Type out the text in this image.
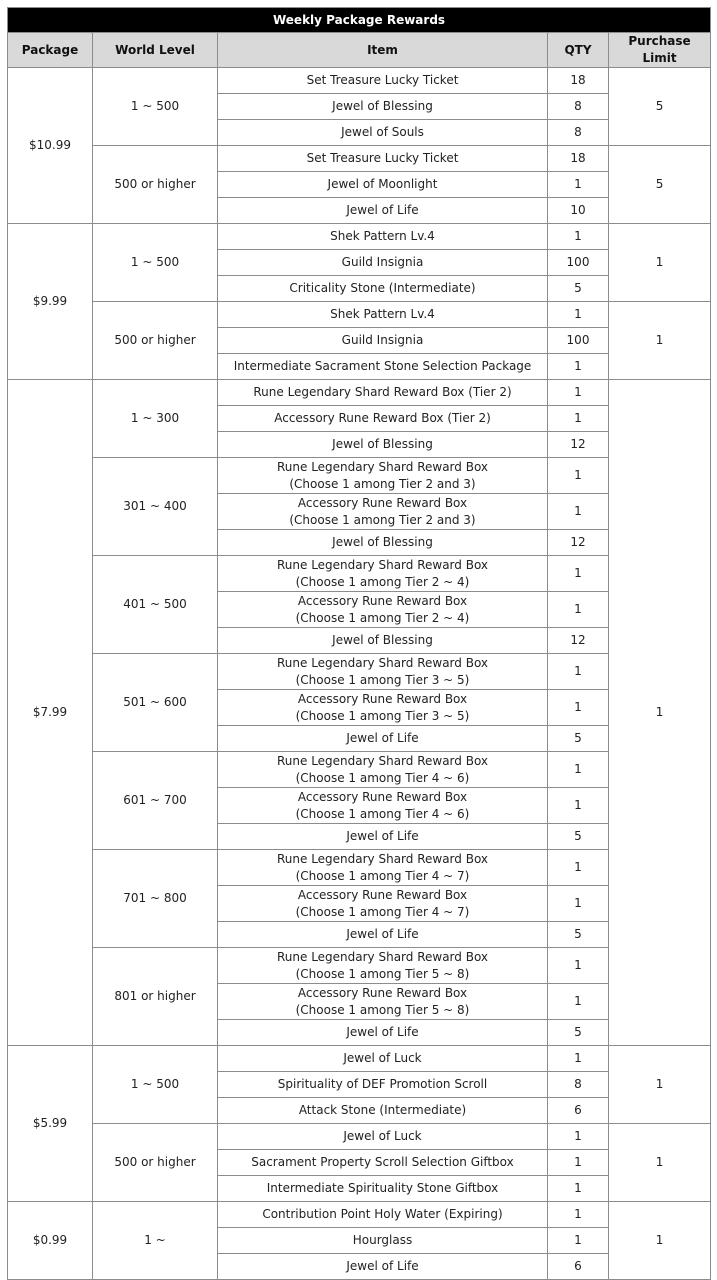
Weekly Package Rewards				
Package	World Level	Item	QTY	Purchase Limit
$10.99	1 ~ 500	Set Treasure Lucky Ticket	18	5
		Jewel of Blessing	8	
		Jewel of Souls	8	
	500 or higher	Set Treasure Lucky Ticket	18	5
		Jewel of Moonlight	1	
		Jewel of Life	10	
$9.99	1 ~ 500	Shek Pattern Lv.4	1	1
		Guild Insignia	100	
		Criticality Stone (Intermediate)	5	
	500 or higher	Shek Pattern Lv.4	1	1
		Guild Insignia	100	
		Intermediate Sacrament Stone Selection Package	1	
$7.99	1 ~ 300	Rune Legendary Shard Reward Box (Tier 2)	1	1
		Accessory Rune Reward Box (Tier 2)	1	
		Jewel of Blessing	12	
	301 ~ 400	Rune Legendary Shard Reward Box
(Choose 1 among Tier 2 and 3)	1	
		Accessory Rune Reward Box
(Choose 1 among Tier 2 and 3)	1	
		Jewel of Blessing	12	
	401 ~ 500	Rune Legendary Shard Reward Box
(Choose 1 among Tier 2 ~ 4)	1	
		Accessory Rune Reward Box
(Choose 1 among Tier 2 ~ 4)	1	
		Jewel of Blessing	12	
	501 ~ 600	Rune Legendary Shard Reward Box
(Choose 1 among Tier 3 ~ 5)	1	
		Accessory Rune Reward Box
(Choose 1 among Tier 3 ~ 5)	1	
		Jewel of Life	5	
	601 ~ 700	Rune Legendary Shard Reward Box
(Choose 1 among Tier 4 ~ 6)	1	
		Accessory Rune Reward Box
(Choose 1 among Tier 4 ~ 6)	1	
		Jewel of Life	5	
	701 ~ 800	Rune Legendary Shard Reward Box
(Choose 1 among Tier 4 ~ 7)	1	
		Accessory Rune Reward Box
(Choose 1 among Tier 4 ~ 7)	1	
		Jewel of Life	5	
	801 or higher	Rune Legendary Shard Reward Box
(Choose 1 among Tier 5 ~ 8)	1	
		Accessory Rune Reward Box
(Choose 1 among Tier 5 ~ 8)	1	
		Jewel of Life	5	
$5.99	1 ~ 500	Jewel of Luck	1	1
		Spirituality of DEF Promotion Scroll	8	
		Attack Stone (Intermediate)	6	
	500 or higher	Jewel of Luck	1	1
		Sacrament Property Scroll Selection Giftbox	1	
		Intermediate Spirituality Stone Giftbox	1	
$0.99	1 ~	Contribution Point Holy Water (Expiring)	1	1
		Hourglass	1	
		Jewel of Life	6	
